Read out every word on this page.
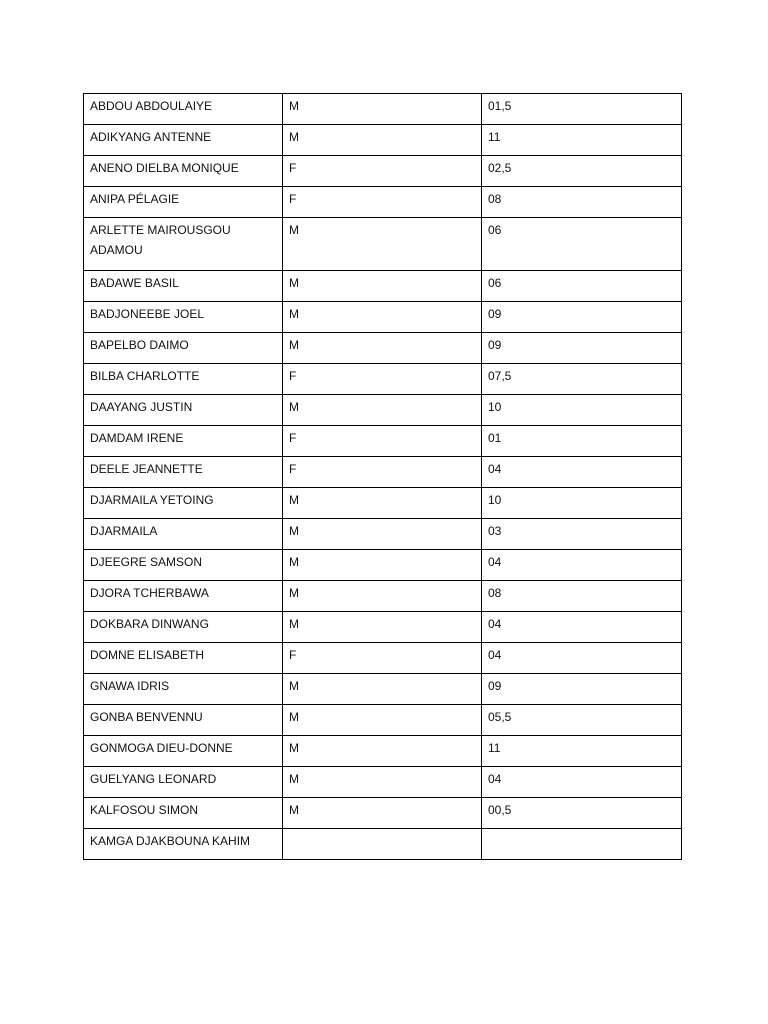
ABDOU ABDOULAIYE	M	01,5
ADIKYANG ANTENNE	M	11
ANENO DIELBA MONIQUE	F	02,5
ANIPA PÉLAGIE	F	08
ARLETTE MAIROUSGOU ADAMOU	M	06
BADAWE BASIL	M	06
BADJONEEBE JOEL	M	09
BAPELBO DAIMO	M	09
BILBA CHARLOTTE	F	07,5
DAAYANG JUSTIN	M	10
DAMDAM IRENE	F	01
DEELE JEANNETTE	F	04
DJARMAILA YETOING	M	10
DJARMAILA	M	03
DJEEGRE SAMSON	M	04
DJORA TCHERBAWA	M	08
DOKBARA DINWANG	M	04
DOMNE ELISABETH	F	04
GNAWA IDRIS	M	09
GONBA BENVENNU	M	05,5
GONMOGA DIEU-DONNE	M	11
GUELYANG LEONARD	M	04
KALFOSOU SIMON	M	00,5
KAMGA DJAKBOUNA KAHIM		
